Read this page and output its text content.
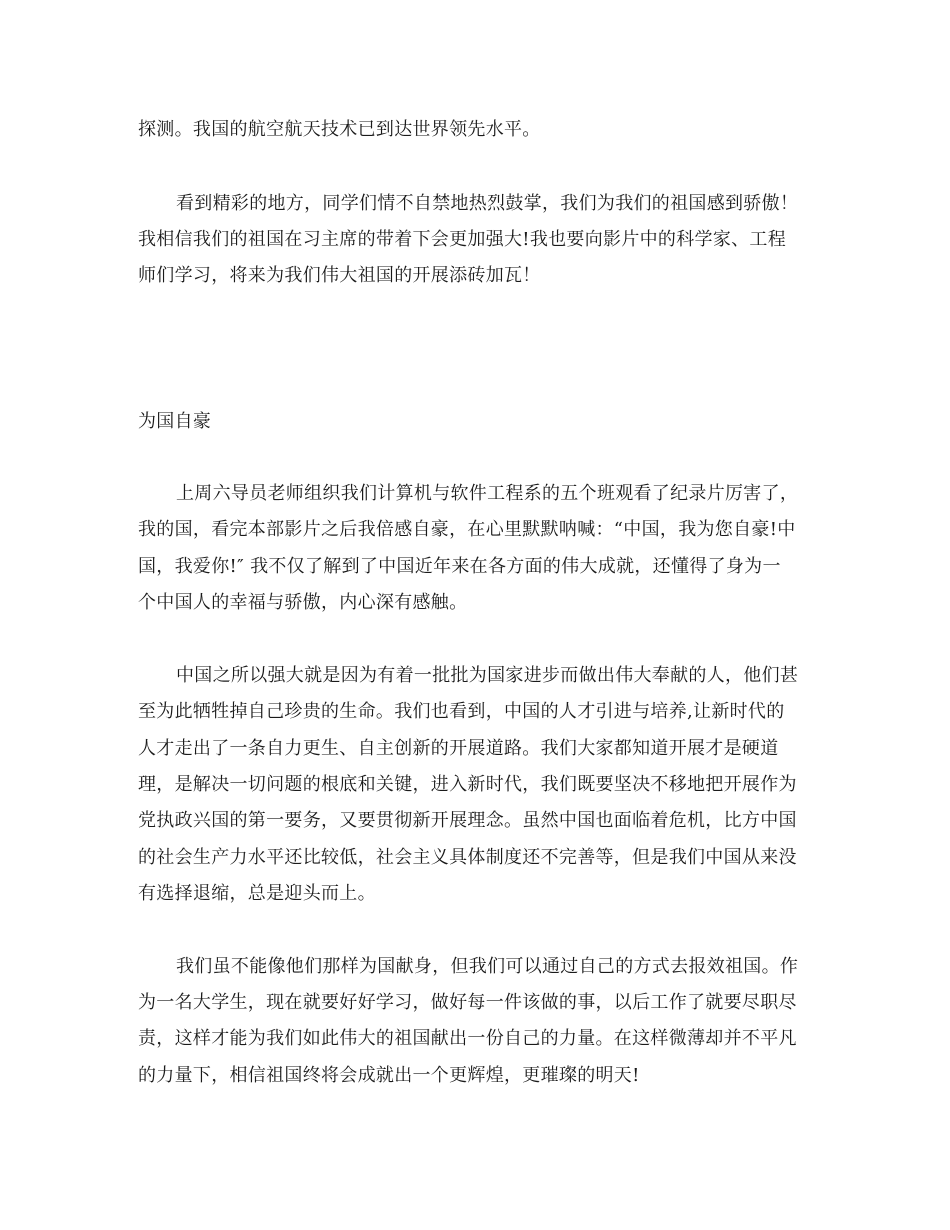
探测。我国的航空航天技术已到达世界领先水平。
看到精彩的地方，同学们情不自禁地热烈鼓掌，我们为我们的祖国感到骄傲！
我相信我们的祖国在习主席的带着下会更加强大!我也要向影片中的科学家、工程
师们学习，将来为我们伟大祖国的开展添砖加瓦！
为国自豪
上周六导员老师组织我们计算机与软件工程系的五个班观看了纪录片厉害了，
我的国，看完本部影片之后我倍感自豪，在心里默默呐喊：“中国，我为您自豪!中
国，我爱你!″ 我不仅了解到了中国近年来在各方面的伟大成就，还懂得了身为一
个中国人的幸福与骄傲，内心深有感触。
中国之所以强大就是因为有着一批批为国家进步而做出伟大奉献的人，他们甚
至为此牺牲掉自己珍贵的生命。我们也看到，中国的人才引进与培养,让新时代的
人才走出了一条自力更生、自主创新的开展道路。我们大家都知道开展才是硬道
理，是解决一切问题的根底和关键，进入新时代，我们既要坚决不移地把开展作为
党执政兴国的第一要务，又要贯彻新开展理念。虽然中国也面临着危机，比方中国
的社会生产力水平还比较低，社会主义具体制度还不完善等，但是我们中国从来没
有选择退缩，总是迎头而上。
我们虽不能像他们那样为国献身，但我们可以通过自己的方式去报效祖国。作
为一名大学生，现在就要好好学习，做好每一件该做的事，以后工作了就要尽职尽
责，这样才能为我们如此伟大的祖国献出一份自己的力量。在这样微薄却并不平凡
的力量下，相信祖国终将会成就出一个更辉煌，更璀璨的明天!
